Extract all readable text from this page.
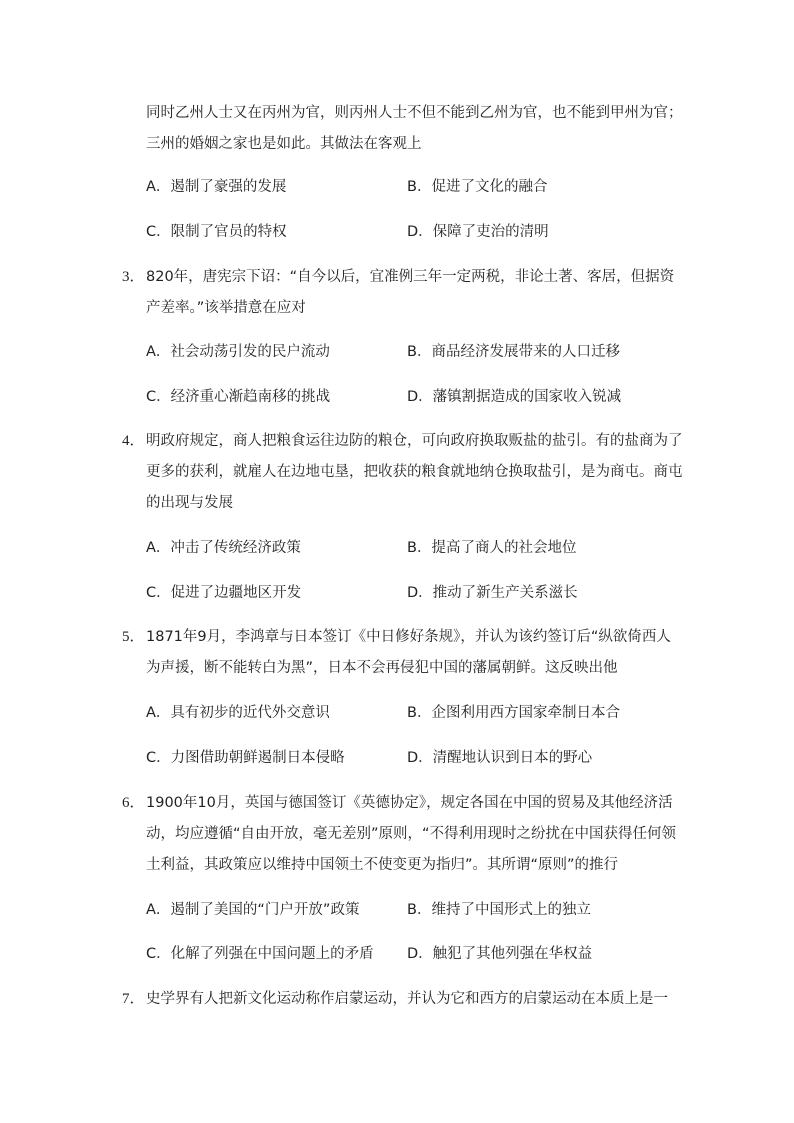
同时乙州人士又在丙州为官，则丙州人士不但不能到乙州为官，也不能到甲州为官；
三州的婚姻之家也是如此。其做法在客观上
A．遏制了豪强的发展	B．促进了文化的融合
C．限制了官员的特权	D．保障了吏治的清明
3． 820年，唐宪宗下诏：“自今以后，宜准例三年一定两税，非论土著、客居，但据资
产差率。”该举措意在应对
A．社会动荡引发的民户流动	B．商品经济发展带来的人口迁移
C．经济重心渐趋南移的挑战	D．藩镇割据造成的国家收入锐减
4． 明政府规定，商人把粮食运往边防的粮仓，可向政府换取贩盐的盐引。有的盐商为了
更多的获利，就雇人在边地屯垦，把收获的粮食就地纳仓换取盐引，是为商屯。商屯
的出现与发展
A．冲击了传统经济政策	B．提高了商人的社会地位
C．促进了边疆地区开发	D．推动了新生产关系滋长
5． 1871年9月，李鸿章与日本签订《中日修好条规》，并认为该约签订后“纵欲倚西人
为声援，断不能转白为黑”，日本不会再侵犯中国的藩属朝鲜。这反映出他
A．具有初步的近代外交意识	B．企图利用西方国家牵制日本合
C．力图借助朝鲜遏制日本侵略	D．清醒地认识到日本的野心
6． 1900年10月，英国与德国签订《英德协定》，规定各国在中国的贸易及其他经济活
动，均应遵循“自由开放，毫无差别”原则，“不得利用现时之纷扰在中国获得任何领
土利益，其政策应以维持中国领土不使变更为指归”。其所谓“原则”的推行
A．遏制了美国的“门户开放”政策	B．维持了中国形式上的独立
C．化解了列强在中国问题上的矛盾 D．触犯了其他列强在华权益
7． 史学界有人把新文化运动称作启蒙运动，并认为它和西方的启蒙运动在本质上是一
